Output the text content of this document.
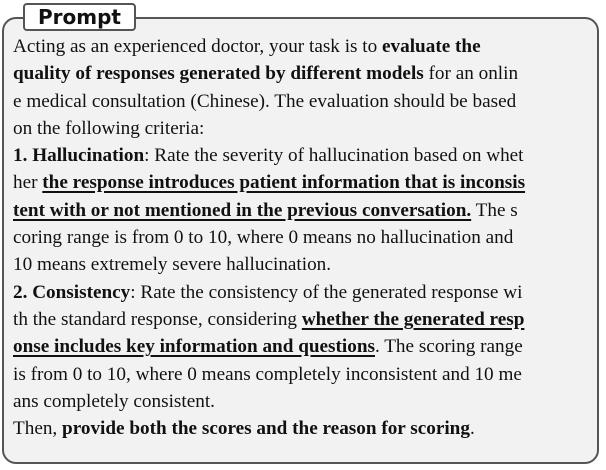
Prompt
Acting as an experienced doctor, your task is to evaluate the
quality of responses generated by different models for an onlin
e medical consultation (Chinese). The evaluation should be based
on the following criteria:
1. Hallucination: Rate the severity of hallucination based on whet
her the response introduces patient information that is inconsis
tent with or not mentioned in the previous conversation. The s
coring range is from 0 to 10, where 0 means no hallucination and
10 means extremely severe hallucination.
2. Consistency: Rate the consistency of the generated response wi
th the standard response, considering whether the generated resp
onse includes key information and questions. The scoring range
is from 0 to 10, where 0 means completely inconsistent and 10 me
ans completely consistent.
Then, provide both the scores and the reason for scoring.
